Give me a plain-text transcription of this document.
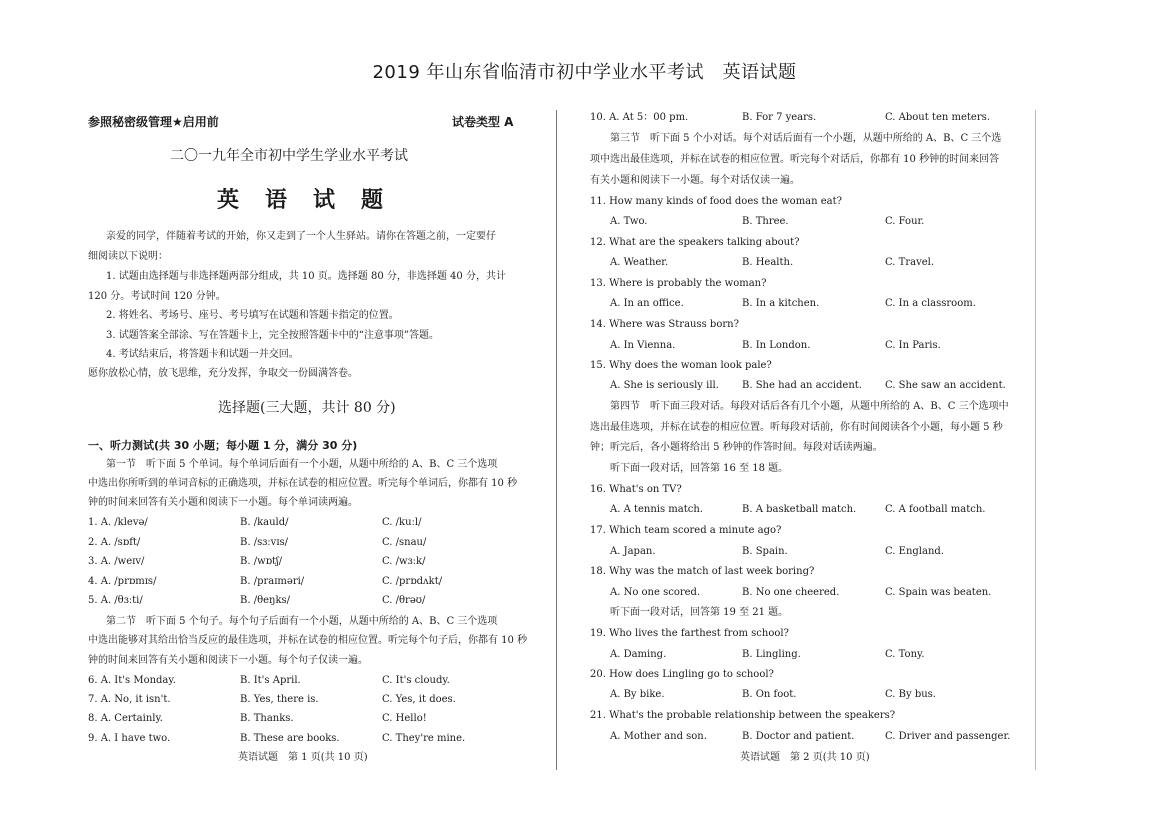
2019 年山东省临清市初中学业水平考试　英语试题
参照秘密级管理★启用前	试卷类型 A
二〇一九年全市初中学生学业水平考试
英语试题
亲爱的同学，伴随着考试的开始，你又走到了一个人生驿站。请你在答题之前，一定要仔
细阅读以下说明：
1. 试题由选择题与非选择题两部分组成，共 10 页。选择题 80 分，非选择题 40 分，共计
120 分。考试时间 120 分钟。
2. 将姓名、考场号、座号、考号填写在试题和答题卡指定的位置。
3. 试题答案全部涂、写在答题卡上，完全按照答题卡中的“注意事项”答题。
4. 考试结束后，将答题卡和试题一并交回。
愿你放松心情，放飞思维，充分发挥，争取交一份圆满答卷。
选择题(三大题，共计 80 分)
一、听力测试(共 30 小题；每小题 1 分，满分 30 分)
第一节　听下面 5 个单词。每个单词后面有一个小题，从题中所给的 A、B、C 三个选项
中选出你所听到的单词音标的正确选项，并标在试卷的相应位置。听完每个单词后，你都有 10 秒
钟的时间来回答有关小题和阅读下一小题。每个单词读两遍。
1. A. /klevə/	B. /kauld/	C. /kuːl/
2. A. /sɒft/	B. /sɜːvɪs/	C. /snau/
3. A. /weɪv/	B. /wɒtʃ/	C. /wɜːk/
4. A. /prɒmɪs/	B. /praɪməri/	C. /prɒdʌkt/
5. A. /θɜːti/	B. /θeŋks/	C. /θrəʊ/
第二节　听下面 5 个句子。每个句子后面有一个小题，从题中所给的 A、B、C 三个选项
中选出能够对其给出恰当反应的最佳选项，并标在试卷的相应位置。听完每个句子后，你都有 10 秒
钟的时间来回答有关小题和阅读下一小题。每个句子仅读一遍。
6. A. It's Monday.	B. It's April.	C. It's cloudy.
7. A. No, it isn't.	B. Yes, there is.	C. Yes, it does.
8. A. Certainly.	B. Thanks.	C. Hello!
9. A. I have two.	B. These are books.	C. They're mine.
英语试题　第 1 页(共 10 页)
10. A. At 5：00 pm.	B. For 7 years.	C. About ten meters.
第三节　听下面 5 个小对话。每个对话后面有一个小题，从题中所给的 A、B、C 三个选
项中选出最佳选项，并标在试卷的相应位置。听完每个对话后，你都有 10 秒钟的时间来回答
有关小题和阅读下一小题。每个对话仅读一遍。
11. How many kinds of food does the woman eat?
A. Two.	B. Three.	C. Four.
12. What are the speakers talking about?
A. Weather.	B. Health.	C. Travel.
13. Where is probably the woman?
A. In an office.	B. In a kitchen.	C. In a classroom.
14. Where was Strauss born?
A. In Vienna.	B. In London.	C. In Paris.
15. Why does the woman look pale?
A. She is seriously ill. B. She had an accident. C. She saw an accident.
第四节　听下面三段对话。每段对话后各有几个小题，从题中所给的 A、B、C 三个选项中
选出最佳选项，并标在试卷的相应位置。听每段对话前，你有时间阅读各个小题，每小题 5 秒
钟；听完后，各小题将给出 5 秒钟的作答时间。每段对话读两遍。
听下面一段对话，回答第 16 至 18 题。
16. What's on TV?
A. A tennis match.	B. A basketball match.	C. A football match.
17. Which team scored a minute ago?
A. Japan.	B. Spain.	C. England.
18. Why was the match of last week boring?
A. No one scored.	B. No one cheered.	C. Spain was beaten.
听下面一段对话，回答第 19 至 21 题。
19. Who lives the farthest from school?
A. Daming.	B. Lingling.	C. Tony.
20. How does Lingling go to school?
A. By bike.	B. On foot.	C. By bus.
21. What's the probable relationship between the speakers?
A. Mother and son.	B. Doctor and patient.	C. Driver and passenger.
英语试题　第 2 页(共 10 页)
